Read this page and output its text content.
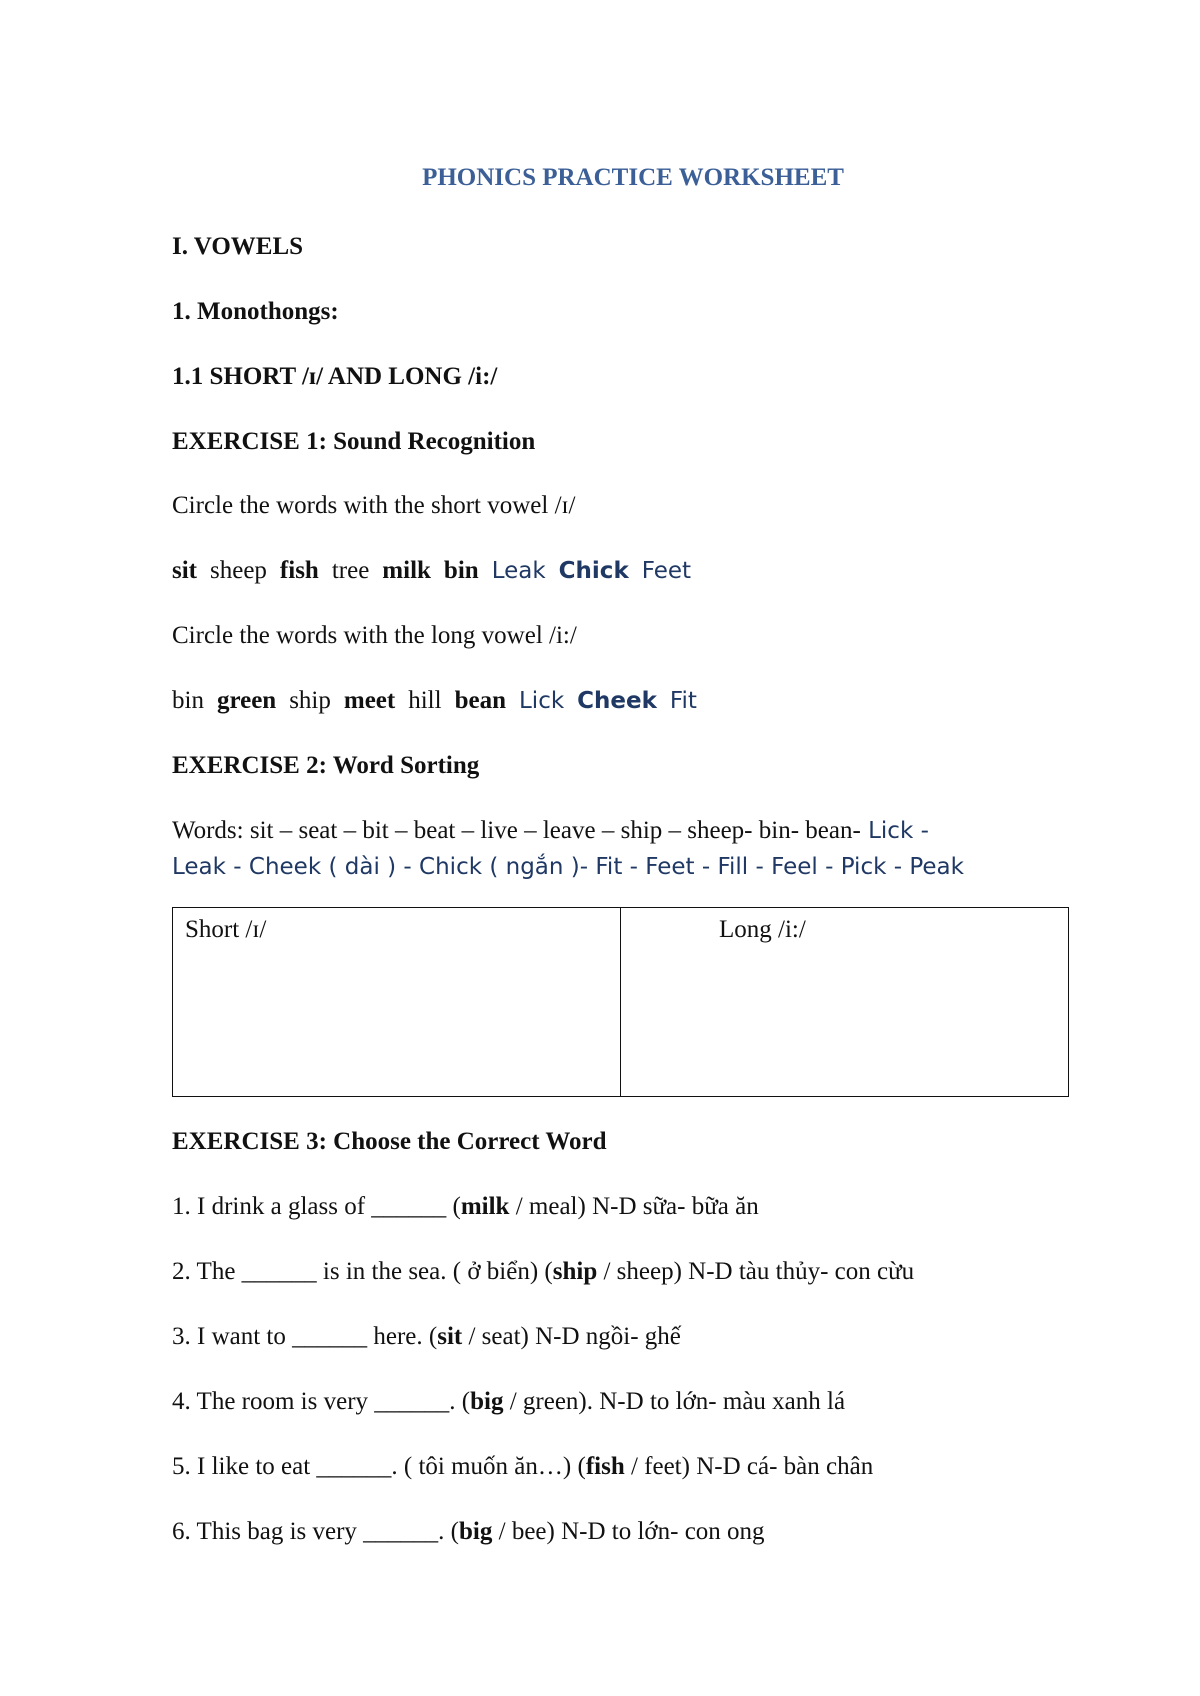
PHONICS PRACTICE WORKSHEET

I. VOWELS

1. Monothongs:

1.1 SHORT /ɪ/ AND LONG /i:/

EXERCISE 1: Sound Recognition

Circle the words with the short vowel /ɪ/

sit sheep fish tree milk bin Leak Chick Feet

Circle the words with the long vowel /i:/

bin green ship meet hill bean Lick Cheek Fit

EXERCISE 2: Word Sorting

Words: sit – seat – bit – beat – live – leave – ship – sheep- bin- bean- Lick -

Leak - Cheek ( dài ) - Chick ( ngắn )- Fit - Feet - Fill - Feel - Pick - Peak

Short /ɪ/	Long /i:/

EXERCISE 3: Choose the Correct Word

1. I drink a glass of ______ (milk / meal) N-D sữa- bữa ăn

2. The ______ is in the sea. ( ở biển) (ship / sheep) N-D tàu thủy- con cừu

3. I want to ______ here. (sit / seat) N-D ngồi- ghế

4. The room is very ______. (big / green). N-D to lớn- màu xanh lá

5. I like to eat ______. ( tôi muốn ăn…) (fish / feet) N-D cá- bàn chân

6. This bag is very ______. (big / bee) N-D to lớn- con ong
